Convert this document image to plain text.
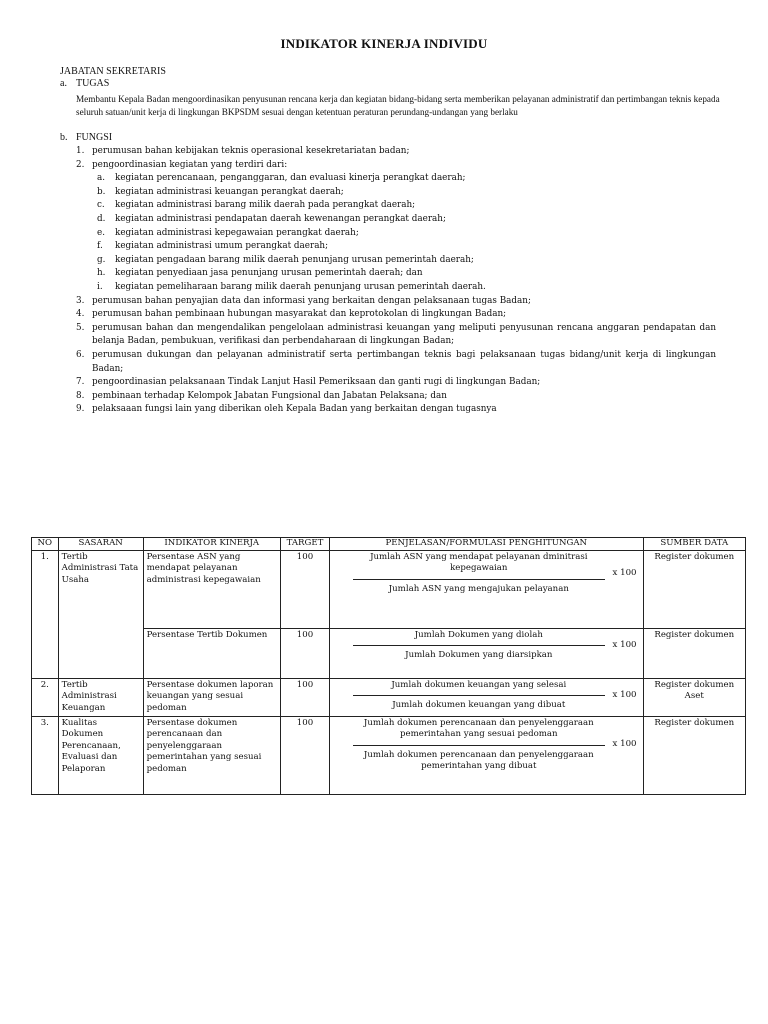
INDIKATOR KINERJA INDIVIDU
JABATAN SEKRETARIS
a. TUGAS
Membantu Kepala Badan mengoordinasikan penyusunan rencana kerja dan kegiatan bidang-bidang serta memberikan pelayanan administratif dan pertimbangan teknis kepada seluruh satuan/unit kerja di lingkungan BKPSDM sesuai dengan ketentuan peraturan perundang-undangan yang berlaku
b. FUNGSI
1. perumusan bahan kebijakan teknis operasional kesekretariatan badan;
2. pengoordinasian kegiatan yang terdiri dari:
a.	kegiatan perencanaan, penganggaran, dan evaluasi kinerja perangkat daerah;
b.	kegiatan administrasi keuangan perangkat daerah;
c.	kegiatan administrasi barang milik daerah pada perangkat daerah;
d.	kegiatan administrasi pendapatan daerah kewenangan perangkat daerah;
e.	kegiatan administrasi kepegawaian perangkat daerah;
f.	kegiatan administrasi umum perangkat daerah;
g.	kegiatan pengadaan barang milik daerah penunjang urusan pemerintah daerah;
h.	kegiatan penyediaan jasa penunjang urusan pemerintah daerah; dan
i.	kegiatan pemeliharaan barang milik daerah penunjang urusan pemerintah daerah.
3. perumusan bahan penyajian data dan informasi yang berkaitan dengan pelaksanaan tugas Badan;
4. perumusan bahan pembinaan hubungan masyarakat dan keprotokolan di lingkungan Badan;
5. perumusan bahan dan mengendalikan pengelolaan administrasi keuangan yang meliputi penyusunan rencana anggaran pendapatan dan belanja Badan, pembukuan, verifikasi dan perbendaharaan di lingkungan Badan;
6. perumusan dukungan dan pelayanan administratif serta pertimbangan teknis bagi pelaksanaan tugas bidang/unit kerja di lingkungan Badan;
7. pengoordinasian pelaksanaan Tindak Lanjut Hasil Pemeriksaan dan ganti rugi di lingkungan Badan;
8. pembinaan terhadap Kelompok Jabatan Fungsional dan Jabatan Pelaksana; dan
9. pelaksaaan fungsi lain yang diberikan oleh Kepala Badan yang berkaitan dengan tugasnya
NO	SASARAN	INDIKATOR KINERJA	TARGET	PENJELASAN/FORMULASI PENGHITUNGAN	SUMBER DATA
1.	Tertib Administrasi Tata Usaha	Persentase ASN yang mendapat pelayanan administrasi kepegawaian	100	$\frac{\text{Jumlah ASN yang mendapat pelayanan dminitrasi kepegawaian}}{\text{Jumlah ASN yang mengajukan pelayanan}}$ x 100	Register dokumen
		Persentase Tertib Dokumen	100	$\frac{\text{Jumlah Dokumen yang diolah}}{\text{Jumlah Dokumen yang diarsipkan}}$ x 100	Register dokumen
2.	Tertib Administrasi Keuangan	Persentase dokumen laporan keuangan yang sesuai pedoman	100	$\frac{\text{Jumlah dokumen keuangan yang selesai}}{\text{Jumlah dokumen keuangan yang dibuat}}$ x 100	Register dokumen Aset
3.	Kualitas Dokumen Perencanaan, Evaluasi dan Pelaporan	Persentase dokumen perencanaan dan penyelenggaraan pemerintahan yang sesuai pedoman	100	Jumlah dokumen perencanaan dan penyelenggaraan pemerintahan yang sesuai pedoman
Jumlah dokumen perencanaan dan penyelenggaraan pemerintahan yang dibuat
x 100	Register dokumen
